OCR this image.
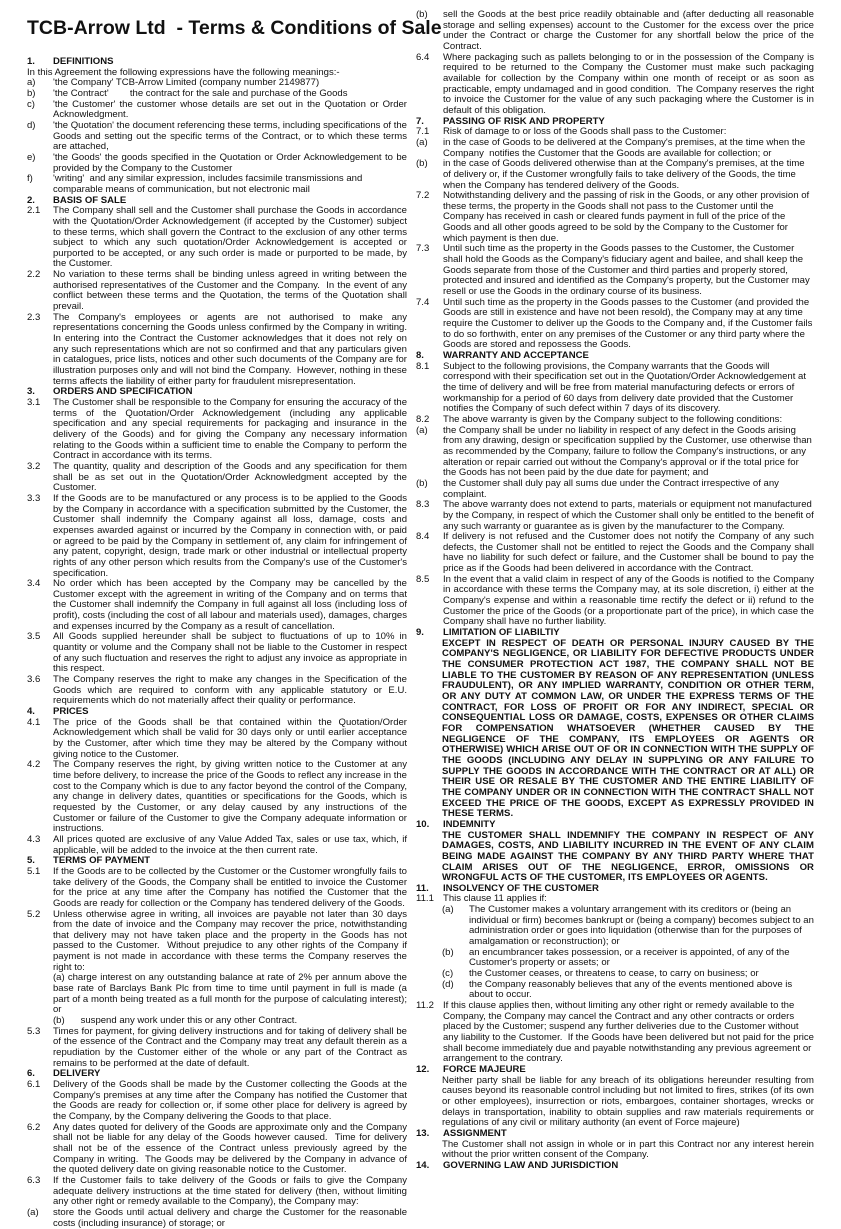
TCB-Arrow Ltd  - Terms & Conditions of Sale
1.	DEFINITIONS
In this Agreement the following expressions have the following meanings:-
a)	'the Company' TCB-Arrow Limited (company number 2149877)
b)	'the Contract'        the contract for the sale and purchase of the Goods
c)	'the Customer' the customer whose details are set out in the Quotation or Order Acknowledgment.
d)	'the Quotation' the document referencing these terms, including specifications of the Goods and setting out the specific terms of the Contract, or to which these terms are attached,
e)	'the Goods' the goods specified in the Quotation or Order Acknowledgement to be provided by the Company to the Customer
f)	'writing'  and any similar expression, includes facsimile transmissions and comparable means of communication, but not electronic mail
2.	BASIS OF SALE
2.1	The Company shall sell and the Customer shall purchase the Goods in accordance with the Quotation/Order Acknowledgement (if accepted by the Customer) subject to these terms, which shall govern the Contract to the exclusion of any other terms subject to which any such quotation/Order Acknowledgement is accepted or purported to be accepted, or any such order is made or purported to be made, by the Customer.
2.2	No variation to these terms shall be binding unless agreed in writing between the authorised representatives of the Customer and the Company.  In the event of any conflict between these terms and the Quotation, the terms of the Quotation shall prevail.
2.3	The Company's employees or agents are not authorised to make any representations concerning the Goods unless confirmed by the Company in writing.  In entering into the Contract the Customer acknowledges that it does not rely on any such representations which are not so confirmed and that any particulars given in catalogues, price lists, notices and other such documents of the Company are for illustration purposes only and will not bind the Company.  However, nothing in these terms affects the liability of either party for fraudulent misrepresentation.
3.	ORDERS AND SPECIFICATION
3.1	The Customer shall be responsible to the Company for ensuring the accuracy of the terms of the Quotation/Order Acknowledgement (including any applicable specification and any special requirements for packaging and insurance in the delivery of the Goods) and for giving the Company any necessary information relating to the Goods within a sufficient time to enable the Company to perform the Contract in accordance with its terms.
3.2	The quantity, quality and description of the Goods and any specification for them shall be as set out in the Quotation/Order Acknowledgment accepted by the Customer.
3.3	If the Goods are to be manufactured or any process is to be applied to the Goods by the Company in accordance with a specification submitted by the Customer, the Customer shall indemnify the Company against all loss, damage, costs and expenses awarded against or incurred by the Company in connection with, or paid or agreed to be paid by the Company in settlement of, any claim for infringement of any patent, copyright, design, trade mark or other industrial or intellectual property rights of any other person which results from the Company's use of the Customer's specification.
3.4	No order which has been accepted by the Company may be cancelled by the Customer except with the agreement in writing of the Company and on terms that the Customer shall indemnify the Company in full against all loss (including loss of profit), costs (including the cost of all labour and materials used), damages, charges and expenses incurred by the Company as a result of cancellation.
3.5	All Goods supplied hereunder shall be subject to fluctuations of up to 10% in quantity or volume and the Company shall not be liable to the Customer in respect of any such fluctuation and reserves the right to adjust any invoice as appropriate in this respect.
3.6	The Company reserves the right to make any changes in the Specification of the Goods which are required to conform with any applicable statutory or E.U. requirements which do not materially affect their quality or performance.
4.	PRICES
4.1	The price of the Goods shall be that contained within the Quotation/Order Acknowledgement which shall be valid for 30 days only or until earlier acceptance by the Customer, after which time they may be altered by the Company without giving notice to the Customer.
4.2	The Company reserves the right, by giving written notice to the Customer at any time before delivery, to increase the price of the Goods to reflect any increase in the cost to the Company which is due to any factor beyond the control of the Company, any change in delivery dates, quantities or specifications for the Goods, which is requested by the Customer, or any delay caused by any instructions of the Customer or failure of the Customer to give the Company adequate information or instructions.
4.3	All prices quoted are exclusive of any Value Added Tax, sales or use tax, which, if applicable, will be added to the invoice at the then current rate.
5.	TERMS OF PAYMENT
5.1	If the Goods are to be collected by the Customer or the Customer wrongfully fails to take delivery of the Goods, the Company shall be entitled to invoice the Customer for the price at any time after the Company has notified the Customer that the Goods are ready for collection or the Company has tendered delivery of the Goods.
5.2	Unless otherwise agree in writing, all invoices are payable not later than 30 days from the date of invoice and the Company may recover the price, notwithstanding that delivery may not have taken place and the property in the Goods has not passed to the Customer.  Without prejudice to any other rights of the Company if payment is not made in accordance with these terms the Company reserves the right to:
(a) charge interest on any outstanding balance at rate of 2% per annum above the base rate of Barclays Bank Plc from time to time until payment in full is made (a part of a month being treated as a full month for the purpose of calculating interest); or
(b)      suspend any work under this or any other Contract.
5.3	Times for payment, for giving delivery instructions and for taking of delivery shall be of the essence of the Contract and the Company may treat any default therein as a repudiation by the Customer either of the whole or any part of the Contract as remains to be performed at the date of default.
6.	DELIVERY
6.1	Delivery of the Goods shall be made by the Customer collecting the Goods at the Company's premises at any time after the Company has notified the Customer that the Goods are ready for collection or, if some other place for delivery is agreed by the Company, by the Company delivering the Goods to that place.
6.2	Any dates quoted for delivery of the Goods are approximate only and the Company shall not be liable for any delay of the Goods however caused.  Time for delivery shall not be of the essence of the Contract unless previously agreed by the Company in writing.  The Goods may be delivered by the Company in advance of the quoted delivery date on giving reasonable notice to the Customer.
6.3	If the Customer fails to take delivery of the Goods or fails to give the Company adequate delivery instructions at the time stated for delivery (then, without limiting any other right or remedy available to the Company), the Company may:
(a)	store the Goods until actual delivery and charge the Customer for the reasonable costs (including insurance) of storage; or
(b)	sell the Goods at the best price readily obtainable and (after deducting all reasonable storage and selling expenses) account to the Customer for the excess over the price under the Contract or charge the Customer for any shortfall below the price of the Contract.
6.4	Where packaging such as pallets belonging to or in the possession of the Company is required to be returned to the Company the Customer must make such packaging available for collection by the Company within one month of receipt or as soon as practicable, empty undamaged and in good condition.  The Company reserves the right to invoice the Customer for the value of any such packaging where the Customer is in default of this obligation.
7.	PASSING OF RISK AND PROPERTY
7.1	Risk of damage to or loss of the Goods shall pass to the Customer:
(a)	in the case of Goods to be delivered at the Company's premises, at the time when the Company  notifies the Customer that the Goods are available for collection; or
(b)	in the case of Goods delivered otherwise than at the Company's premises, at the time of delivery or, if the Customer wrongfully fails to take delivery of the Goods, the time when the Company has tendered delivery of the Goods.
7.2	Notwithstanding delivery and the passing of risk in the Goods, or any other provision of these terms, the property in the Goods shall not pass to the Customer until the Company has received in cash or cleared funds payment in full of the price of the Goods and all other goods agreed to be sold by the Company to the Customer for which payment is then due.
7.3	Until such time as the property in the Goods passes to the Customer, the Customer shall hold the Goods as the Company's fiduciary agent and bailee, and shall keep the Goods separate from those of the Customer and third parties and properly stored, protected and insured and identified as the Company's property, but the Customer may resell or use the Goods in the ordinary course of its business.
7.4	Until such time as the property in the Goods passes to the Customer (and provided the Goods are still in existence and have not been resold), the Company may at any time require the Customer to deliver up the Goods to the Company and, if the Customer fails to do so forthwith, enter on any premises of the Customer or any third party where the Goods are stored and repossess the Goods.
8.	WARRANTY AND ACCEPTANCE
8.1	Subject to the following provisions, the Company warrants that the Goods will correspond with their specification set out in the Quotation/Order Acknowledgement at the time of delivery and will be free from material manufacturing defects or errors of workmanship for a period of 60 days from delivery date provided that the Customer notifies the Company of such defect within 7 days of its discovery.
8.2	The above warranty is given by the Company subject to the following conditions:
(a)	the Company shall be under no liability in respect of any defect in the Goods arising from any drawing, design or specification supplied by the Customer, use otherwise than as recommended by the Company, failure to follow the Company's instructions, or any alteration or repair carried out without the Company's approval or if the total price for the Goods has not been paid by the due date for payment; and
(b)	the Customer shall duly pay all sums due under the Contract irrespective of any complaint.
8.3	The above warranty does not extend to parts, materials or equipment not manufactured by the Company, in respect of which the Customer shall only be entitled to the benefit of any such warranty or guarantee as is given by the manufacturer to the Company.
8.4	If delivery is not refused and the Customer does not notify the Company of any such defects, the Customer shall not be entitled to reject the Goods and the Company shall have no liability for such defect or failure, and the Customer shall be bound to pay the price as if the Goods had been delivered in accordance with the Contract.
8.5	In the event that a valid claim in respect of any of the Goods is notified to the Company in accordance with these terms the Company may, at its sole discretion, i) either at the Company's expense and within a reasonable time rectify the defect or ii) refund to the Customer the price of the Goods (or a proportionate part of the price), in which case the Company shall have no further liability.
9.	LIMITATION OF LIABILTIY
EXCEPT IN RESPECT OF DEATH OR PERSONAL INJURY CAUSED BY THE COMPANY'S NEGLIGENCE, OR LIABILITY FOR DEFECTIVE PRODUCTS UNDER THE CONSUMER PROTECTION ACT 1987, THE COMPANY SHALL NOT BE LIABLE TO THE CUSTOMER BY REASON OF ANY REPRESENTATION (UNLESS FRAUDULENT), OR ANY IMPLIED WARRANTY, CONDITION OR OTHER TERM, OR ANY DUTY AT COMMON LAW, OR UNDER THE EXPRESS TERMS OF THE CONTRACT, FOR LOSS OF PROFIT OR FOR ANY INDIRECT, SPECIAL OR CONSEQUENTIAL LOSS OR DAMAGE, COSTS, EXPENSES OR OTHER CLAIMS FOR COMPENSATION WHATSOEVER (WHETHER CAUSED BY THE NEGLIGENCE OF THE COMPANY, ITS EMPLOYEES OR AGENTS OR OTHERWISE) WHICH ARISE OUT OF OR IN CONNECTION WITH THE SUPPLY OF THE GOODS (INCLUDING ANY DELAY IN SUPPLYING OR ANY FAILURE TO SUPPLY THE GOODS IN ACCORDANCE WITH THE CONTRACT OR AT ALL) OR THEIR USE OR RESALE BY THE CUSTOMER AND THE ENTIRE LIABILITY OF THE COMPANY UNDER OR IN CONNECTION WITH THE CONTRACT SHALL NOT EXCEED THE PRICE OF THE GOODS, EXCEPT AS EXPRESSLY PROVIDED IN THESE TERMS.
10.	INDEMNITY
THE CUSTOMER SHALL INDEMNIFY THE COMPANY IN RESPECT OF ANY DAMAGES, COSTS, AND LIABILITY INCURRED IN THE EVENT OF ANY CLAIM BEING MADE AGAINST THE COMPANY BY ANY THIRD PARTY WHERE THAT CLAIM ARISES OUT OF THE NEGLIGENCE, ERROR, OMISSIONS OR WRONGFUL ACTS OF THE CUSTOMER, ITS EMPLOYEES OR AGENTS.
11.	INSOLVENCY OF THE CUSTOMER
11.1 This clause 11 applies if:
(a)	The Customer makes a voluntary arrangement with its creditors or (being an individual or firm) becomes bankrupt or (being a company) becomes subject to an administration order or goes into liquidation (otherwise than for the purposes of amalgamation or reconstruction); or
(b)	an encumbrancer takes possession, or a receiver is appointed, of any of the Customer's property or assets; or
(c)	the Customer ceases, or threatens to cease, to carry on business; or
(d)	the Company reasonably believes that any of the events mentioned above is about to occur.
11.2 If this clause applies then, without limiting any other right or remedy available to the Company, the Company may cancel the Contract and any other contracts or orders placed by the Customer; suspend any further deliveries due to the Customer without any liability to the Customer.  If the Goods have been delivered but not paid for the price shall become immediately due and payable notwithstanding any previous agreement or arrangement to the contrary.
12.	FORCE MAJEURE
Neither party shall be liable for any breach of its obligations hereunder resulting from causes beyond its reasonable control including but not limited to fires, strikes (of its own or other employees), insurrection or riots, embargoes, container shortages, wrecks or delays in transportation, inability to obtain supplies and raw materials requirements or regulations of any civil or military authority (an event of Force majeure)
13.	ASSIGNMENT
The Customer shall not assign in whole or in part this Contract nor any interest herein without the prior written consent of the Company.
14.	GOVERNING LAW AND JURISDICTION
